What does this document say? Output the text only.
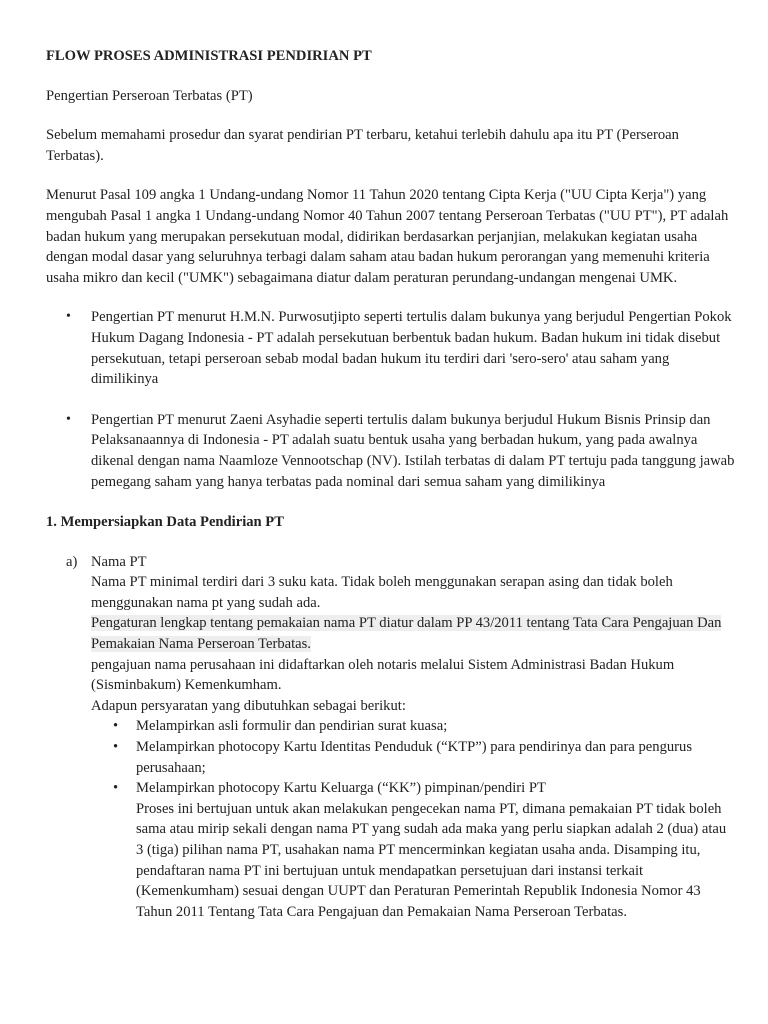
FLOW PROSES ADMINISTRASI PENDIRIAN PT

Pengertian Perseroan Terbatas (PT)

Sebelum memahami prosedur dan syarat pendirian PT terbaru, ketahui terlebih dahulu apa itu PT (Perseroan Terbatas).

Menurut Pasal 109 angka 1 Undang-undang Nomor 11 Tahun 2020 tentang Cipta Kerja ("UU Cipta Kerja") yang mengubah Pasal 1 angka 1 Undang-undang Nomor 40 Tahun 2007 tentang Perseroan Terbatas ("UU PT"), PT adalah badan hukum yang merupakan persekutuan modal, didirikan berdasarkan perjanjian, melakukan kegiatan usaha dengan modal dasar yang seluruhnya terbagi dalam saham atau badan hukum perorangan yang memenuhi kriteria usaha mikro dan kecil ("UMK") sebagaimana diatur dalam peraturan perundang-undangan mengenai UMK.

• Pengertian PT menurut H.M.N. Purwosutjipto seperti tertulis dalam bukunya yang berjudul Pengertian Pokok Hukum Dagang Indonesia - PT adalah persekutuan berbentuk badan hukum. Badan hukum ini tidak disebut persekutuan, tetapi perseroan sebab modal badan hukum itu terdiri dari 'sero-sero' atau saham yang dimilikinya
• Pengertian PT menurut Zaeni Asyhadie seperti tertulis dalam bukunya berjudul Hukum Bisnis Prinsip dan Pelaksanaannya di Indonesia - PT adalah suatu bentuk usaha yang berbadan hukum, yang pada awalnya dikenal dengan nama Naamloze Vennootschap (NV). Istilah terbatas di dalam PT tertuju pada tanggung jawab pemegang saham yang hanya terbatas pada nominal dari semua saham yang dimilikinya
1. Mempersiapkan Data Pendirian PT
a) Nama PT
Nama PT minimal terdiri dari 3 suku kata. Tidak boleh menggunakan serapan asing dan tidak boleh menggunakan nama pt yang sudah ada.
Pengaturan lengkap tentang pemakaian nama PT diatur dalam PP 43/2011 tentang Tata Cara Pengajuan Dan Pemakaian Nama Perseroan Terbatas.
pengajuan nama perusahaan ini didaftarkan oleh notaris melalui Sistem Administrasi Badan Hukum (Sisminbakum) Kemenkumham.
Adapun persyaratan yang dibutuhkan sebagai berikut:
• Melampirkan asli formulir dan pendirian surat kuasa;
• Melampirkan photocopy Kartu Identitas Penduduk (“KTP”) para pendirinya dan para pengurus perusahaan;
• Melampirkan photocopy Kartu Keluarga (“KK”) pimpinan/pendiri PT
Proses ini bertujuan untuk akan melakukan pengecekan nama PT, dimana pemakaian PT tidak boleh sama atau mirip sekali dengan nama PT yang sudah ada maka yang perlu siapkan adalah 2 (dua) atau 3 (tiga) pilihan nama PT, usahakan nama PT mencerminkan kegiatan usaha anda. Disamping itu, pendaftaran nama PT ini bertujuan untuk mendapatkan persetujuan dari instansi terkait (Kemenkumham) sesuai dengan UUPT dan Peraturan Pemerintah Republik Indonesia Nomor 43 Tahun 2011 Tentang Tata Cara Pengajuan dan Pemakaian Nama Perseroan Terbatas.
